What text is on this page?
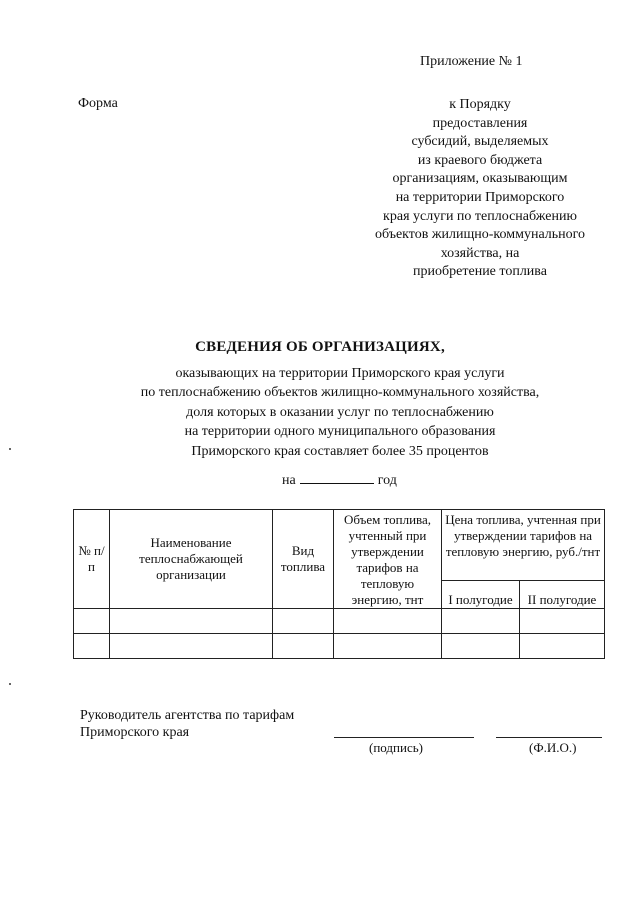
Приложение № 1
Форма	к Порядку
предоставления
субсидий, выделяемых
из краевого бюджета
организациям, оказывающим
на территории Приморского
края услуги по теплоснабжению
объектов жилищно-коммунального
хозяйства, на
приобретение топлива
СВЕДЕНИЯ ОБ ОРГАНИЗАЦИЯХ,
оказывающих на территории Приморского края услуги
по теплоснабжению объектов жилищно-коммунального хозяйства,
доля которых в оказании услуг по теплоснабжению
на территории одного муниципального образования
Приморского края составляет более 35 процентов
на	год
№ п/п	Наименование теплоснабжающей организации	Вид топлива	Объем топлива, учтенный при утверждении тарифов на тепловую энергию, тнт	Цена топлива, учтенная при утверждении тарифов на тепловую энергию, руб./тнт	
				I полугодие	II полугодие

Руководитель агентства по тарифам
Приморского края
(подпись)	(Ф.И.О.)
